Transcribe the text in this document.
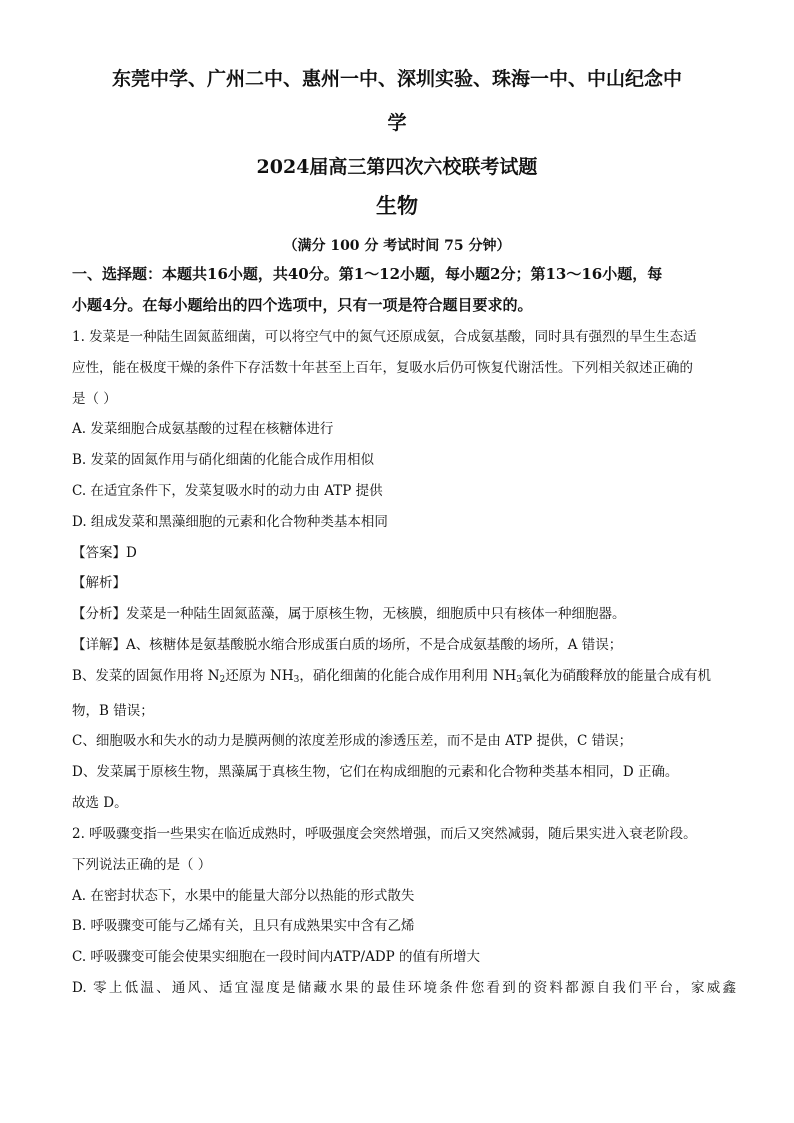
东莞中学、广州二中、惠州一中、深圳实验、珠海一中、中山纪念中
学
2024届高三第四次六校联考试题
生物
（满分 100 分 考试时间 75 分钟）
一、选择题：本题共16小题，共40分。第1～12小题，每小题2分；第13～16小题，每
小题4分。在每小题给出的四个选项中，只有一项是符合题目要求的。
1. 发菜是一种陆生固氮蓝细菌，可以将空气中的氮气还原成氨，合成氨基酸，同时具有强烈的旱生生态适
应性，能在极度干燥的条件下存活数十年甚至上百年，复吸水后仍可恢复代谢活性。下列相关叙述正确的
是（ ）
A. 发菜细胞合成氨基酸的过程在核糖体进行
B. 发菜的固氮作用与硝化细菌的化能合成作用相似
C. 在适宜条件下，发菜复吸水时的动力由 ATP 提供
D. 组成发菜和黑藻细胞的元素和化合物种类基本相同
【答案】D
【解析】
【分析】发菜是一种陆生固氮蓝藻，属于原核生物，无核膜，细胞质中只有核体一种细胞器。
【详解】A、核糖体是氨基酸脱水缩合形成蛋白质的场所，不是合成氨基酸的场所，A 错误；
B、发菜的固氮作用将 N2还原为 NH3，硝化细菌的化能合成作用利用 NH3氧化为硝酸释放的能量合成有机
物，B 错误；
C、细胞吸水和失水的动力是膜两侧的浓度差形成的渗透压差，而不是由 ATP 提供，C 错误；
D、发菜属于原核生物，黑藻属于真核生物，它们在构成细胞的元素和化合物种类基本相同，D 正确。
故选 D。
2. 呼吸骤变指一些果实在临近成熟时，呼吸强度会突然增强，而后又突然减弱，随后果实进入衰老阶段。
下列说法正确的是（ ）
A. 在密封状态下，水果中的能量大部分以热能的形式散失
B. 呼吸骤变可能与乙烯有关，且只有成熟果实中含有乙烯
C. 呼吸骤变可能会使果实细胞在一段时间内ATP/ADP 的值有所增大
D. 零上低温、通风、适宜湿度是储藏水果的最佳环境条件您看到的资料都源自我们平台，家威鑫
